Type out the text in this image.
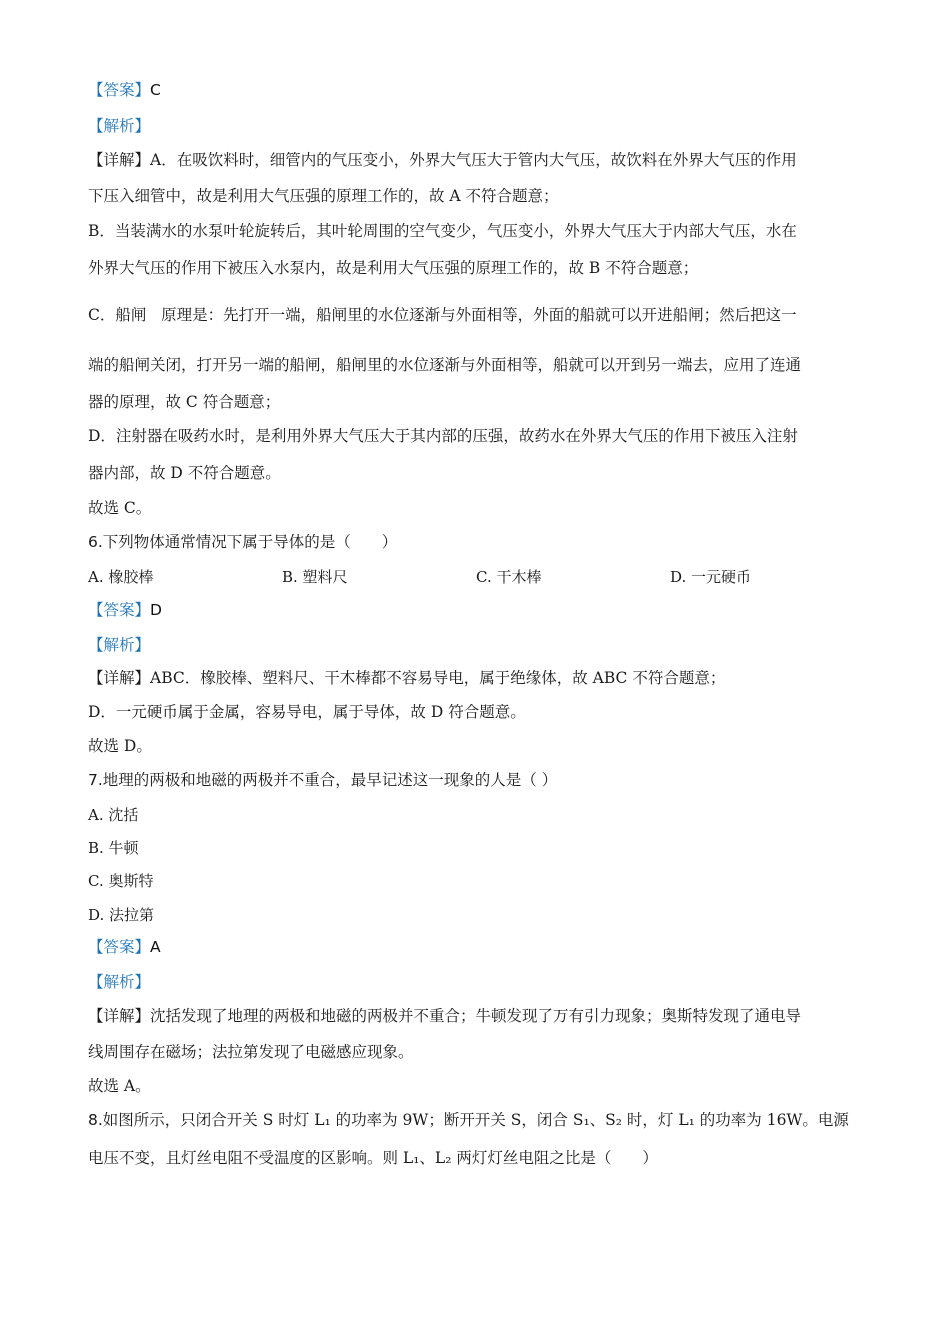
【答案】C
【解析】
【详解】A．在吸饮料时，细管内的气压变小，外界大气压大于管内大气压，故饮料在外界大气压的作用
下压入细管中，故是利用大气压强的原理工作的，故 A 不符合题意；
B．当装满水的水泵叶轮旋转后，其叶轮周围的空气变少，气压变小，外界大气压大于内部大气压，水在
外界大气压的作用下被压入水泵内，故是利用大气压强的原理工作的，故 B 不符合题意；
C．船闸   原理是：先打开一端，船闸里的水位逐渐与外面相等，外面的船就可以开进船闸；然后把这一
端的船闸关闭，打开另一端的船闸，船闸里的水位逐渐与外面相等，船就可以开到另一端去，应用了连通
器的原理，故 C 符合题意；
D．注射器在吸药水时，是利用外界大气压大于其内部的压强，故药水在外界大气压的作用下被压入注射
器内部，故 D 不符合题意。
故选 C。
6.下列物体通常情况下属于导体的是（　　）
A. 橡胶棒	B. 塑料尺	C. 干木棒	D. 一元硬币
【答案】D
【解析】
【详解】ABC．橡胶棒、塑料尺、干木棒都不容易导电，属于绝缘体，故 ABC 不符合题意；
D．一元硬币属于金属，容易导电，属于导体，故 D 符合题意。
故选 D。
7.地理的两极和地磁的两极并不重合，最早记述这一现象的人是（ ）
A. 沈括
B. 牛顿
C. 奥斯特
D. 法拉第
【答案】A
【解析】
【详解】沈括发现了地理的两极和地磁的两极并不重合；牛顿发现了万有引力现象；奥斯特发现了通电导
线周围存在磁场；法拉第发现了电磁感应现象。
故选 A。
8.如图所示，只闭合开关 S 时灯 L₁ 的功率为 9W；断开开关 S，闭合 S₁、S₂ 时，灯 L₁ 的功率为 16W。电源
电压不变，且灯丝电阻不受温度的区影响。则 L₁、L₂ 两灯灯丝电阻之比是（　　）
